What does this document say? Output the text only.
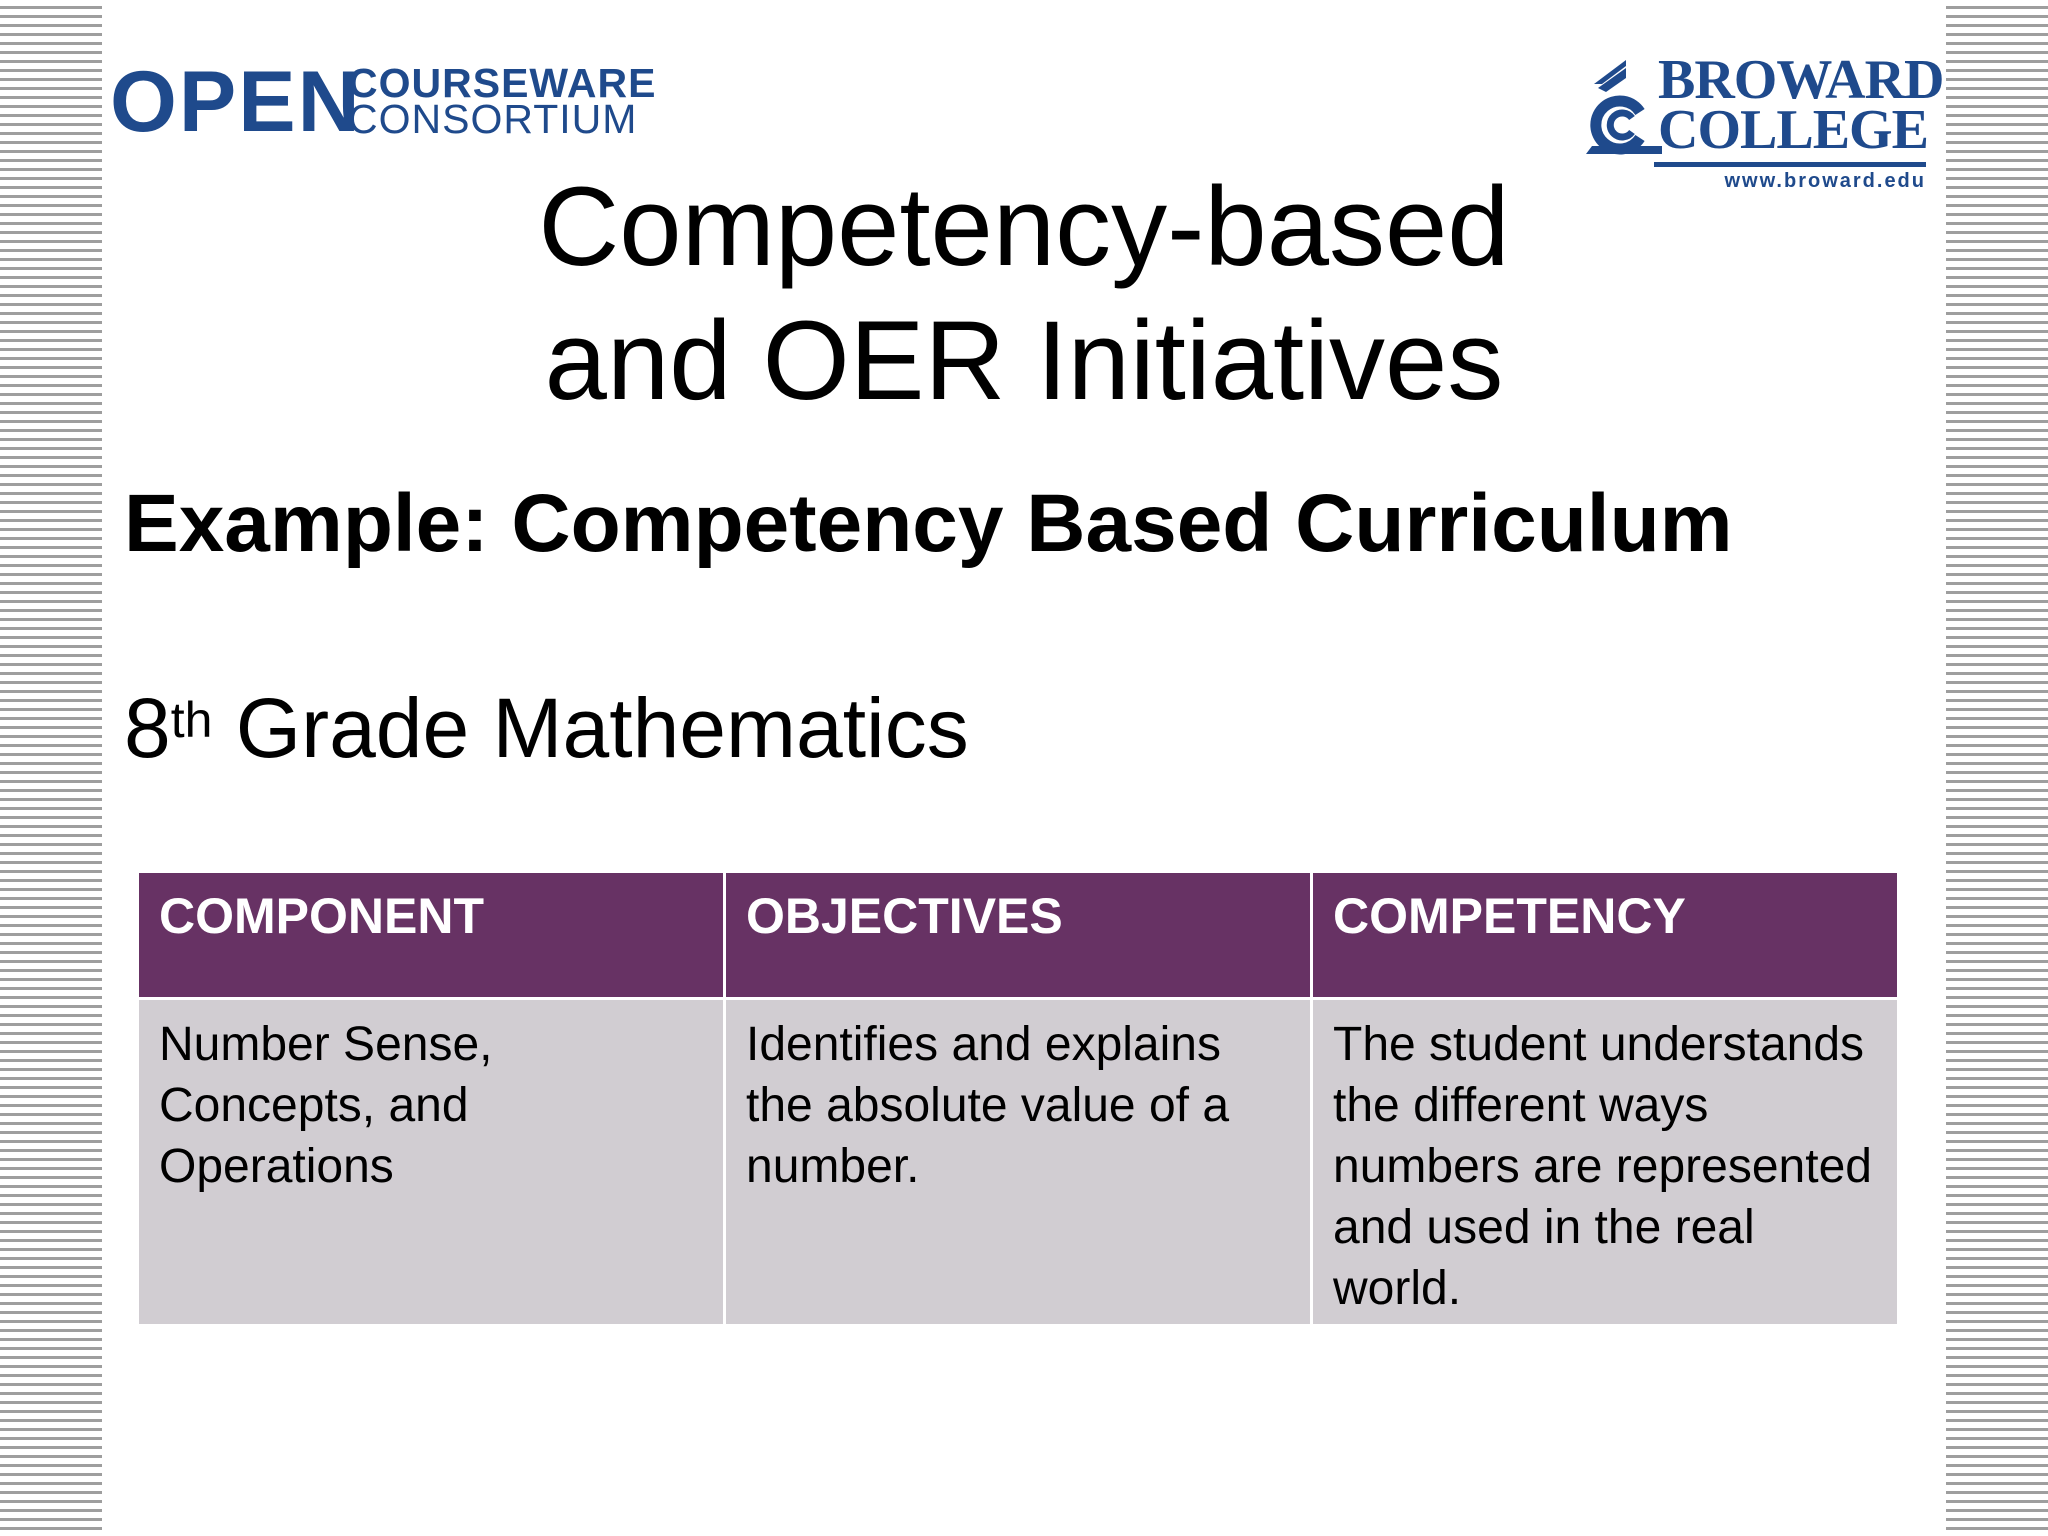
OPEN
COURSEWARE
CONSORTIUM
BROWARD
COLLEGE
www.broward.edu
Competency-based
and OER Initiatives
Example: Competency Based Curriculum
8th Grade Mathematics
COMPONENT	OBJECTIVES	COMPETENCY
Number Sense, Concepts, and Operations	Identifies and explains the absolute value of a number.	The student understands the different ways numbers are represented and used in the real world.
